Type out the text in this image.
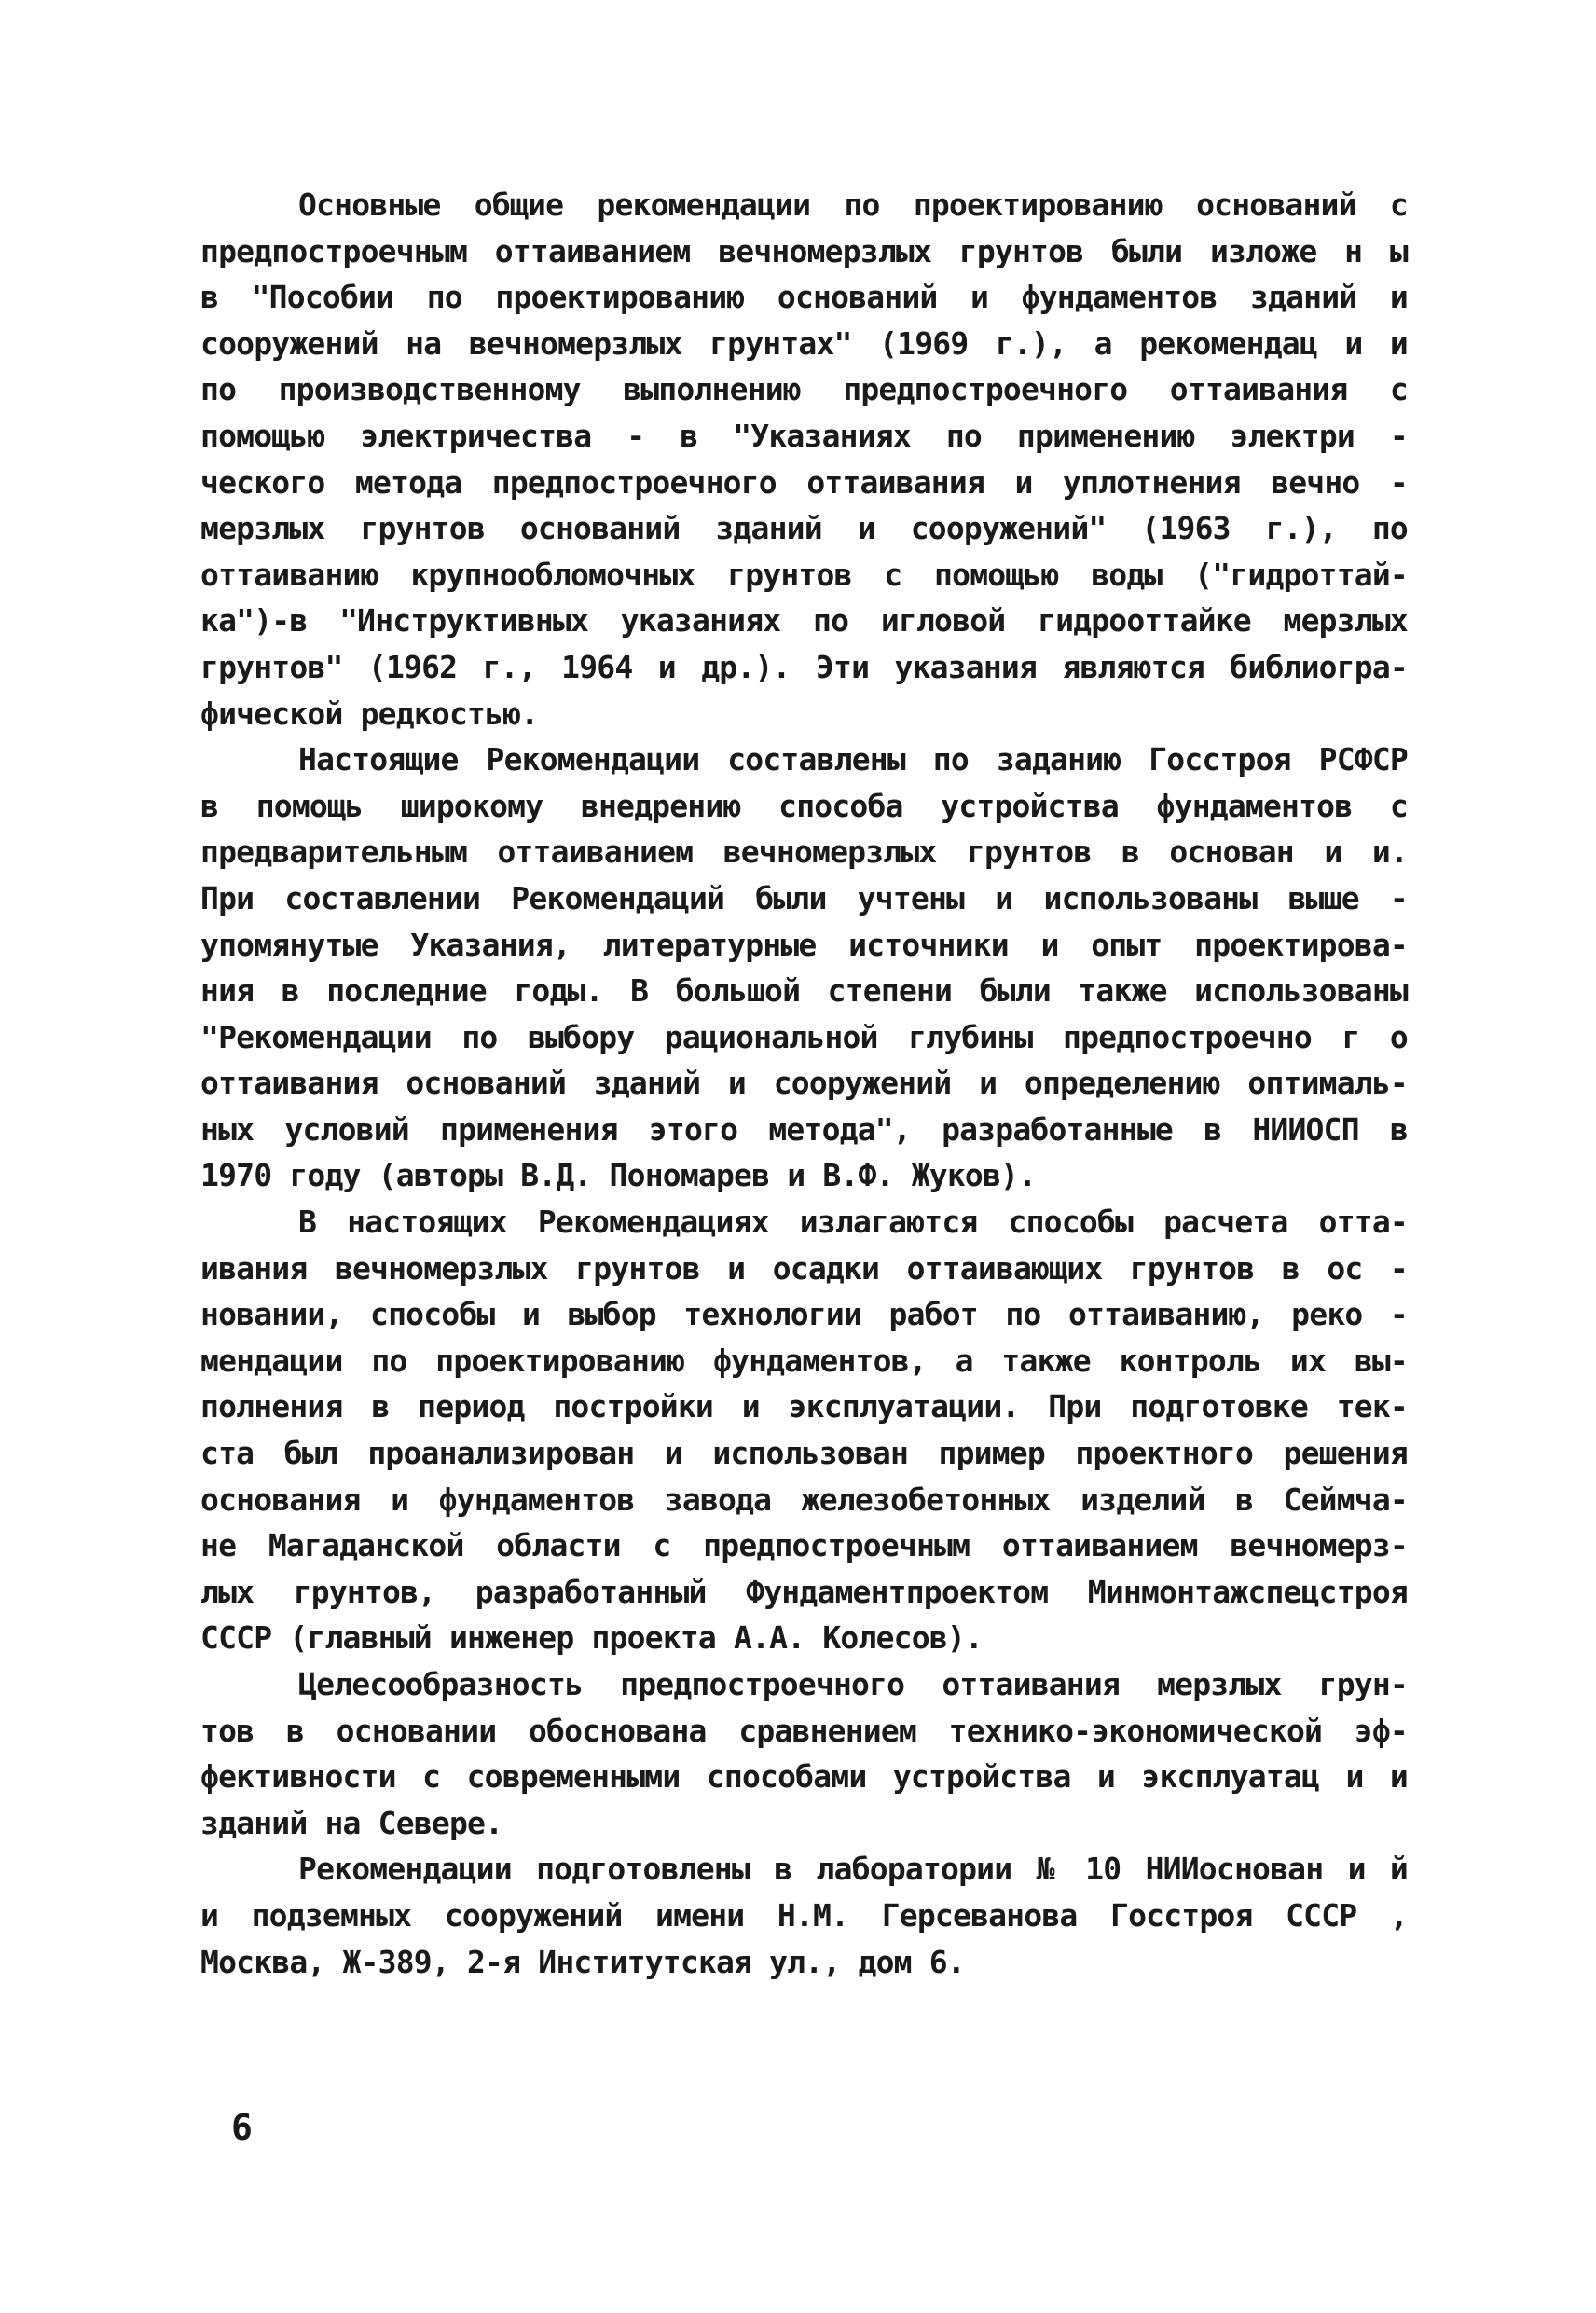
Основные общие рекомендации по проектированию оснований с
предпостроечным оттаиванием вечномерзлых грунтов были изложе н ы
в "Пособии по проектированию оснований и фундаментов зданий и
сооружений на вечномерзлых грунтах" (1969 г.), а рекомендац и и
по производственному выполнению предпостроечного оттаивания с
помощью электричества - в "Указаниях по применению электри -
ческого метода предпостроечного оттаивания и уплотнения вечно -
мерзлых грунтов оснований зданий и сооружений" (1963 г.), по
оттаиванию крупнообломочных грунтов с помощью воды ("гидроттай-
ка")-в "Инструктивных указаниях по игловой гидрооттайке мерзлых
грунтов" (1962 г., 1964 и др.). Эти указания являются библиогра-
фической редкостью.
Настоящие Рекомендации составлены по заданию Госстроя РСФСР
в помощь широкому внедрению способа устройства фундаментов с
предварительным оттаиванием вечномерзлых грунтов в основан и и.
При составлении Рекомендаций были учтены и использованы выше -
упомянутые Указания, литературные источники и опыт проектирова-
ния в последние годы. В большой степени были также использованы
"Рекомендации по выбору рациональной глубины предпостроечно г о
оттаивания оснований зданий и сооружений и определению оптималь-
ных условий применения этого метода", разработанные в НИИОСП в
1970 году (авторы В.Д. Пономарев и В.Ф. Жуков).
В настоящих Рекомендациях излагаются способы расчета отта-
ивания вечномерзлых грунтов и осадки оттаивающих грунтов в ос -
новании, способы и выбор технологии работ по оттаиванию, реко -
мендации по проектированию фундаментов, а также контроль их вы-
полнения в период постройки и эксплуатации. При подготовке тек-
ста был проанализирован и использован пример проектного решения
основания и фундаментов завода железобетонных изделий в Сеймча-
не Магаданской области с предпостроечным оттаиванием вечномерз-
лых грунтов, разработанный Фундаментпроектом Минмонтажспецстроя
СССР (главный инженер проекта А.А. Колесов).
Целесообразность предпостроечного оттаивания мерзлых грун-
тов в основании обоснована сравнением технико-экономической эф-
фективности с современными способами устройства и эксплуатац и и
зданий на Севере.
Рекомендации подготовлены в лаборатории № 10 НИИоснован и й
и подземных сооружений имени Н.М. Герсеванова Госстроя СССР ,
Москва, Ж-389, 2-я Институтская ул., дом 6.
6
